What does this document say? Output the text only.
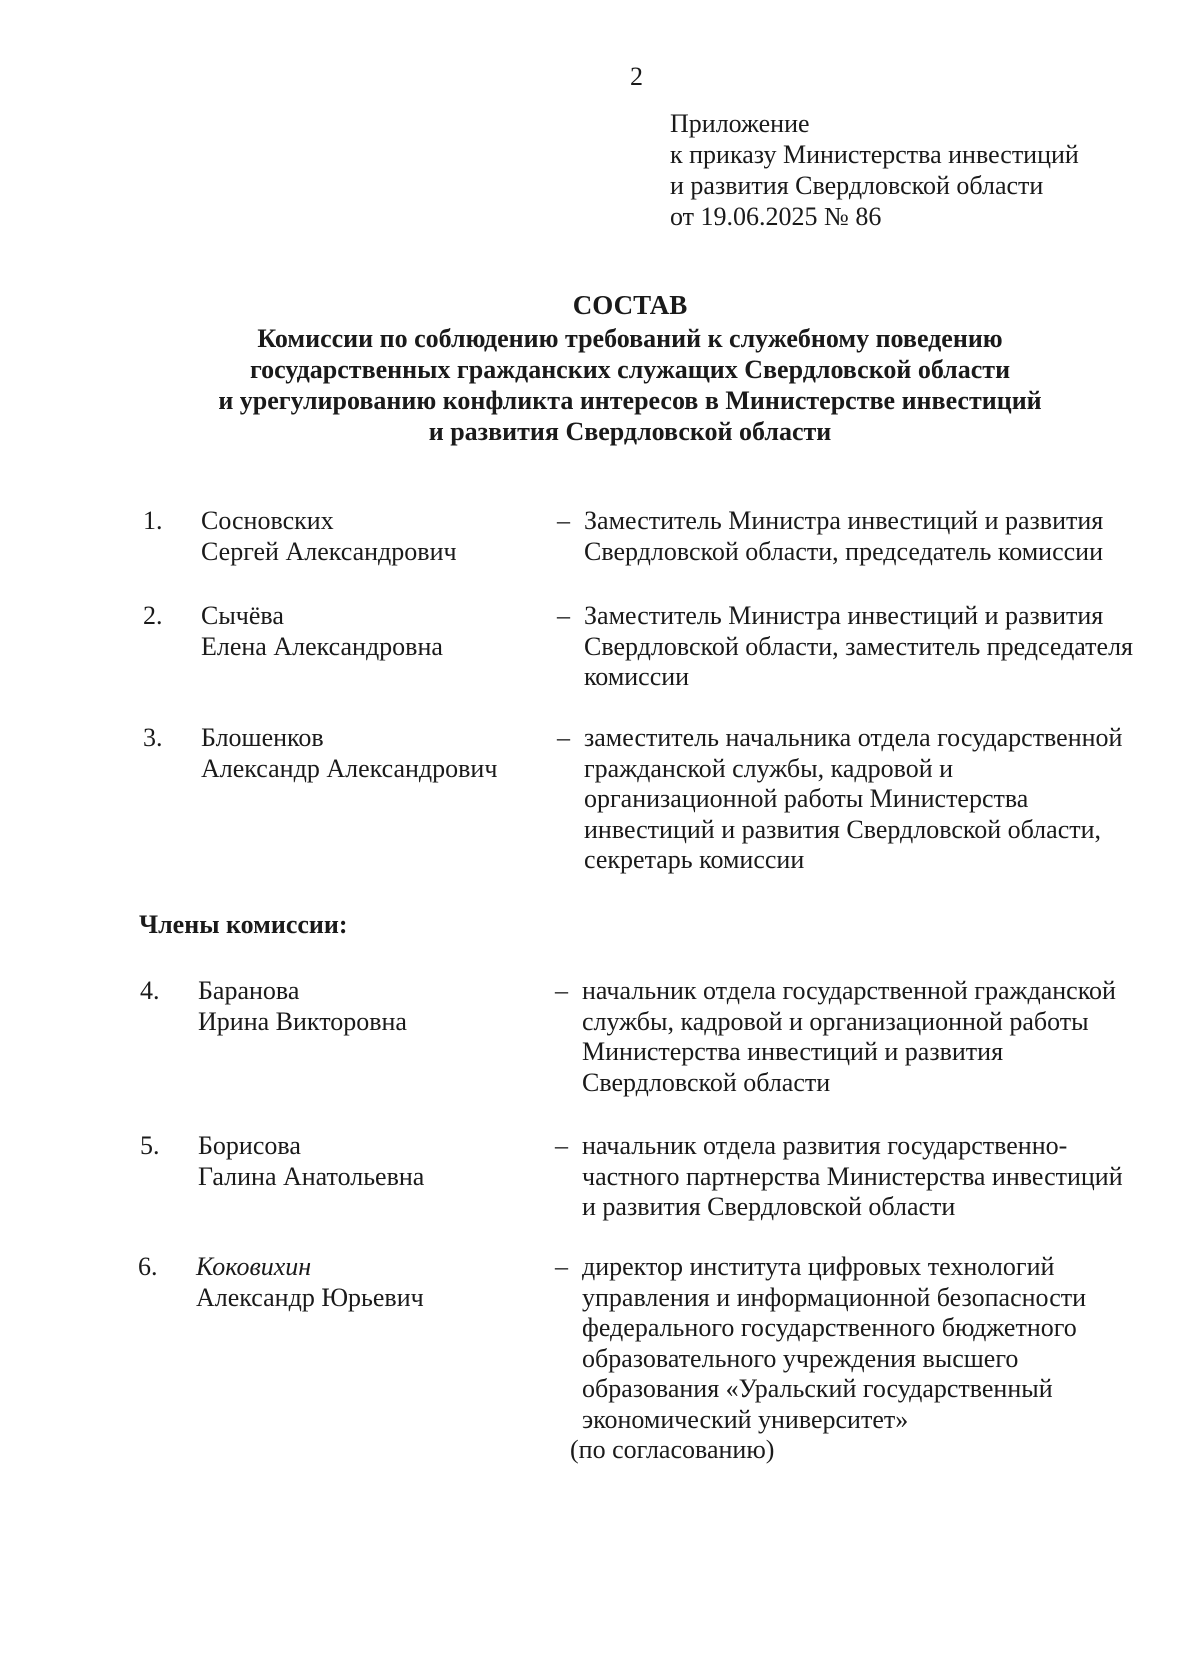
2
Приложение
к приказу Министерства инвестиций
и развития Свердловской области
от 19.06.2025 № 86
СОСТАВ
Комиссии по соблюдению требований к служебному поведению
государственных гражданских служащих Свердловской области
и урегулированию конфликта интересов в Министерстве инвестиций
и развития Свердловской области
1. Сосновских
Сергей Александрович
– Заместитель Министра инвестиций и развития
Свердловской области, председатель комиссии
2. Сычёва
Елена Александровна
– Заместитель Министра инвестиций и развития
Свердловской области, заместитель председателя
комиссии
3. Блошенков
Александр Александрович
– заместитель начальника отдела государственной
гражданской службы, кадровой и
организационной работы Министерства
инвестиций и развития Свердловской области,
секретарь комиссии
Члены комиссии:
4. Баранова
Ирина Викторовна
– начальник отдела государственной гражданской
службы, кадровой и организационной работы
Министерства инвестиций и развития
Свердловской области
5. Борисова
Галина Анатольевна
– начальник отдела развития государственно-
частного партнерства Министерства инвестиций
и развития Свердловской области
6. Коковихин
Александр Юрьевич
– директор института цифровых технологий
управления и информационной безопасности
федерального государственного бюджетного
образовательного учреждения высшего
образования «Уральский государственный
экономический университет»
(по согласованию)
